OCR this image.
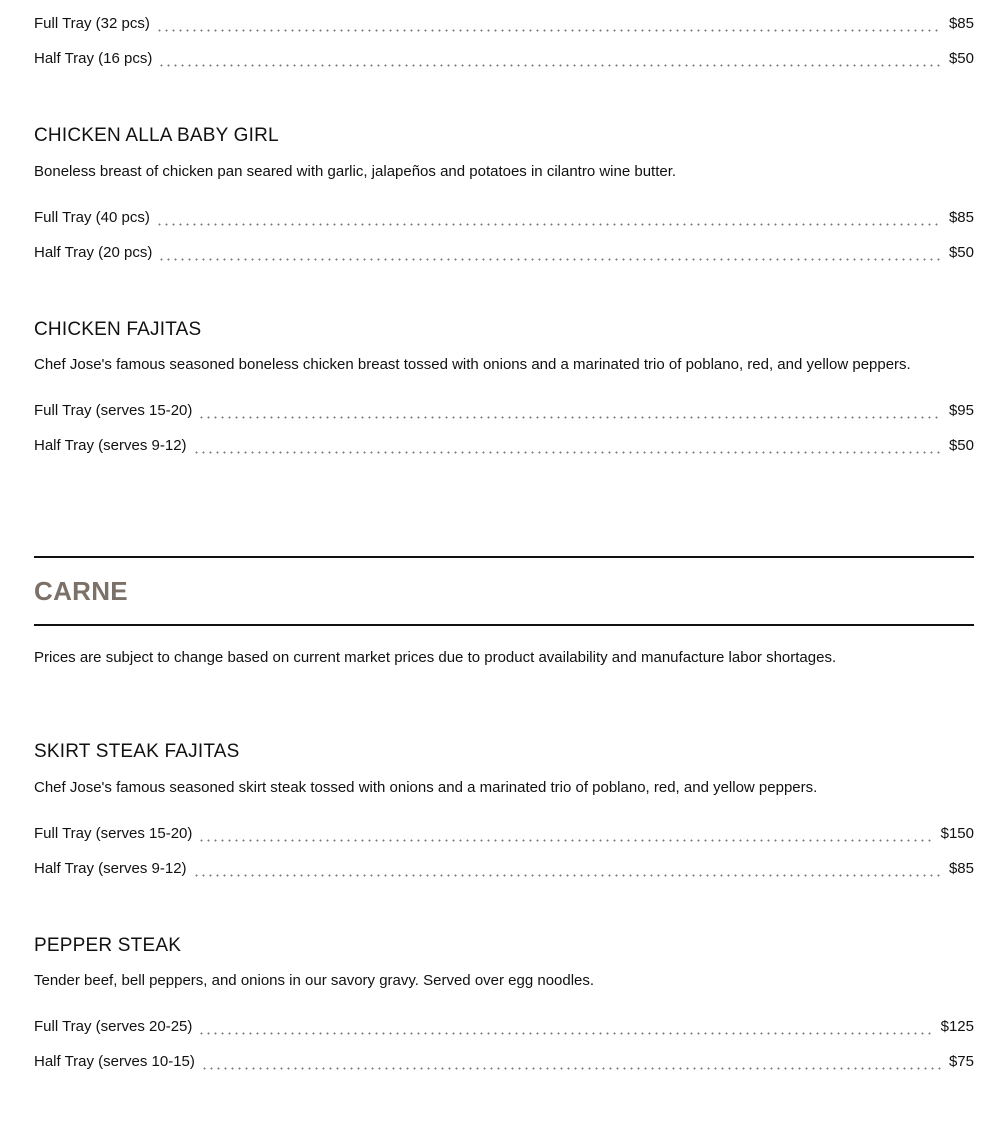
Full Tray (32 pcs)	$85
Half Tray (16 pcs)	$50
CHICKEN ALLA BABY GIRL
Boneless breast of chicken pan seared with garlic, jalapeños and potatoes in cilantro wine butter.
Full Tray (40 pcs)	$85
Half Tray (20 pcs)	$50
CHICKEN FAJITAS
Chef Jose's famous seasoned boneless chicken breast tossed with onions and a marinated trio of poblano, red, and yellow peppers.
Full Tray (serves 15-20)	$95
Half Tray (serves 9-12)	$50
CARNE
Prices are subject to change based on current market prices due to product availability and manufacture labor shortages.
SKIRT STEAK FAJITAS
Chef Jose's famous seasoned skirt steak tossed with onions and a marinated trio of poblano, red, and yellow peppers.
Full Tray (serves 15-20)	$150
Half Tray (serves 9-12)	$85
PEPPER STEAK
Tender beef, bell peppers, and onions in our savory gravy. Served over egg noodles.
Full Tray (serves 20-25)	$125
Half Tray (serves 10-15)	$75
